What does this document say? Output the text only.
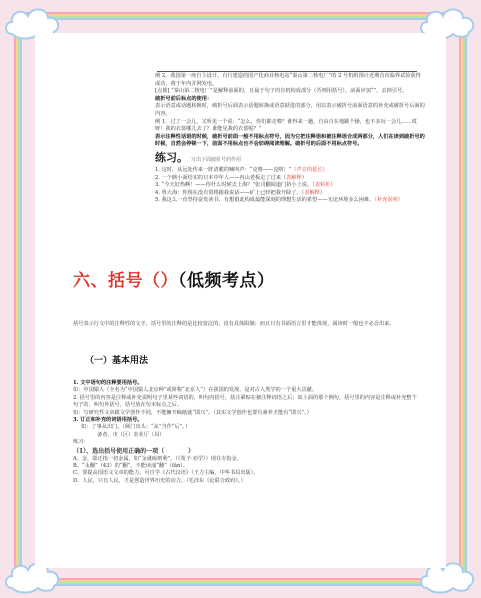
例 2，我国第一座自主设计、自行建造的国产化商业核电站“秦山第二核电厂”的 2 号机组预计近期首次临界试验获得成功，将于年内并网发电。

[点拨] “秦山第二核电厂”是解释前面的，且属于句子的有机构成部分（否则用括号），前面应加“”，去掉引号。

破折号前后标点的使用：

表示语意或话题转换时，破折号后面表示话题转换或语意跃进的部分，用以表示破折号前面语意的补充或破折号后面的内容。

例 1，过了一会儿，又听见一个说：“怎么，你们都走啦？谁得来一趟，自由自在地跳个操，也不多玩一会儿……哎呀！我的衣裳哪儿去了？谁能见我的衣裳呢？”

表示注释性话语的时候，破折号前面一般不用标点符号，因为它把注释语和被注释语合成两部分，人们在读到破折号的时候，自然会停顿一下，前面不用标点也不会妨碍阅读理解。破折号的后面不用标点符号。

练习。 写出下面破折号的作用

1. 这时，从远处传来一阵清脆的喊叫声：“克咯——克咯！”（声音的延长）

2. 一个瞎小面结实的日本中年人——内山老板走了过来（表解释）

3. “今天好热啊！——你什么时候去上海？”张司翻阅道门挤小上说。（表转折）

4. 鲁大海：你现在没有资格跟我说话——矿上已经把我开除了。（表解释）

5. 我这么一直坚持奋发读书，有想借此构成最能深刻的理想生活的希望——无论环境多么困难。（补充说明）

六、括号（）（低频考点）

括号表示行文中的注释性的文字。括号里的注释的是比较宽泛的，没有具体限制；而且只有书面语言里才能体现，阅读时一般也不必念出来。

（一）基本用法

1. 文中语句的注释要用括号。

如：中国猿人（全名为“中国猿人北京种”或简称“北京人”）在我国的发现，是对古人类学的一个重大贡献。

2. 括号里的内容是注释或补充说明句子里某些词语的，叫句内括号，括注紧贴在被注释词语之后；如上面的那个例句。括号里的内容是注释或补充整个句子的，叫句外括号，括号放在句末标点之后。

如：写研究性文章跟文学创作不同，不能擁开稿纸就“即兴”。（其实文学创作也要有素养才能有“即兴”。）

3. 订正和补充的词语用括号。

如：了事从出门。（顾门出头：“从”当作“后”。）

备者、市（区）农业厅（局）

练习：

（1）、选出括号使用正确的一项（　　　　）

A、金，即迁指一切金属，如“金就砺则利”。（《荀子·劝学》）现在专指金。

B、“永翻”（43）的“翻”，不能读成“翻”（fǎn）。

C、要提高国语文文章的能力，可自学《古代汉语》（王力主编，中华书局出版）。

D、人民，只有人民，才是创造世界历史的动力。（毛泽东《论联合政府》。）
